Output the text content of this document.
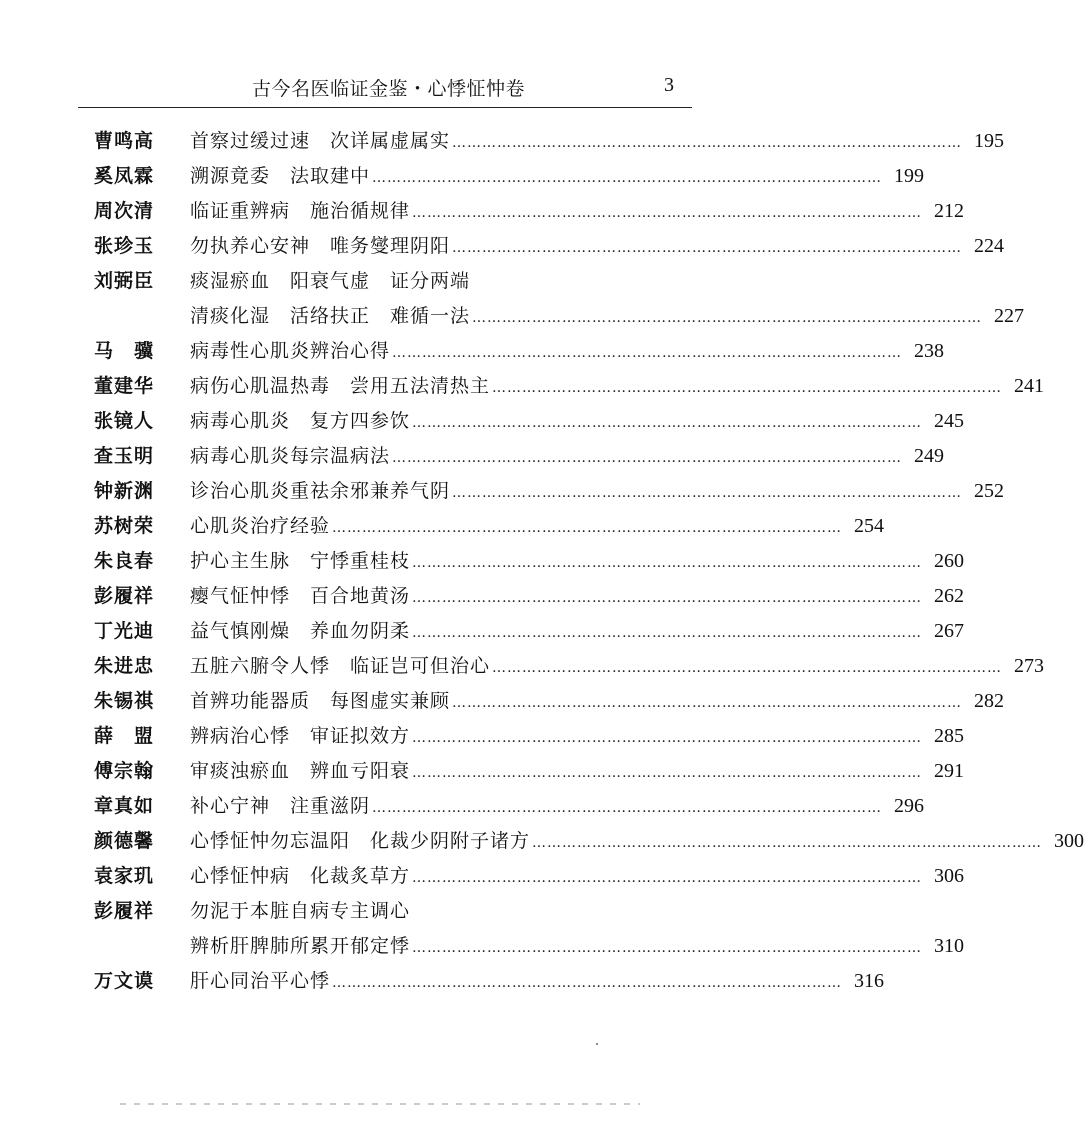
古今名医临证金鉴・心悸怔忡卷	3
曹鸣高	首察过缓过速　次详属虚属实 ………………………………………………………………………………………… 195
奚凤霖	溯源竟委　法取建中 ………………………………………………………………………………………… 199
周次清	临证重辨病　施治循规律 ………………………………………………………………………………………… 212
张珍玉	勿执养心安神　唯务燮理阴阳 ………………………………………………………………………………………… 224
刘弼臣	痰湿瘀血　阳衰气虚　证分两端
清痰化湿　活络扶正　难循一法 ………………………………………………………………………………………… 227
马　骥	病毒性心肌炎辨治心得 ………………………………………………………………………………………… 238
董建华	病伤心肌温热毒　尝用五法清热主 ………………………………………………………………………………………… 241
张镜人	病毒心肌炎　复方四参饮 ………………………………………………………………………………………… 245
查玉明	病毒心肌炎每宗温病法 ………………………………………………………………………………………… 249
钟新渊	诊治心肌炎重祛余邪兼养气阴 ………………………………………………………………………………………… 252
苏树荣	心肌炎治疗经验 ………………………………………………………………………………………… 254
朱良春	护心主生脉　宁悸重桂枝 ………………………………………………………………………………………… 260
彭履祥	瘿气怔忡悸　百合地黄汤 ………………………………………………………………………………………… 262
丁光迪	益气慎刚燥　养血勿阴柔 ………………………………………………………………………………………… 267
朱进忠	五脏六腑令人悸　临证岂可但治心 ………………………………………………………………………………………… 273
朱锡祺	首辨功能器质　每图虚实兼顾 ………………………………………………………………………………………… 282
薛　盟	辨病治心悸　审证拟效方 ………………………………………………………………………………………… 285
傅宗翰	审痰浊瘀血　辨血亏阳衰 ………………………………………………………………………………………… 291
章真如	补心宁神　注重滋阴 ………………………………………………………………………………………… 296
颜德馨	心悸怔忡勿忘温阳　化裁少阴附子诸方 ………………………………………………………………………………………… 300
袁家玑	心悸怔忡病　化裁炙草方 ………………………………………………………………………………………… 306
彭履祥	勿泥于本脏自病专主调心
辨析肝脾肺所累开郁定悸 ………………………………………………………………………………………… 310
万文谟	肝心同治平心悸 ………………………………………………………………………………………… 316
